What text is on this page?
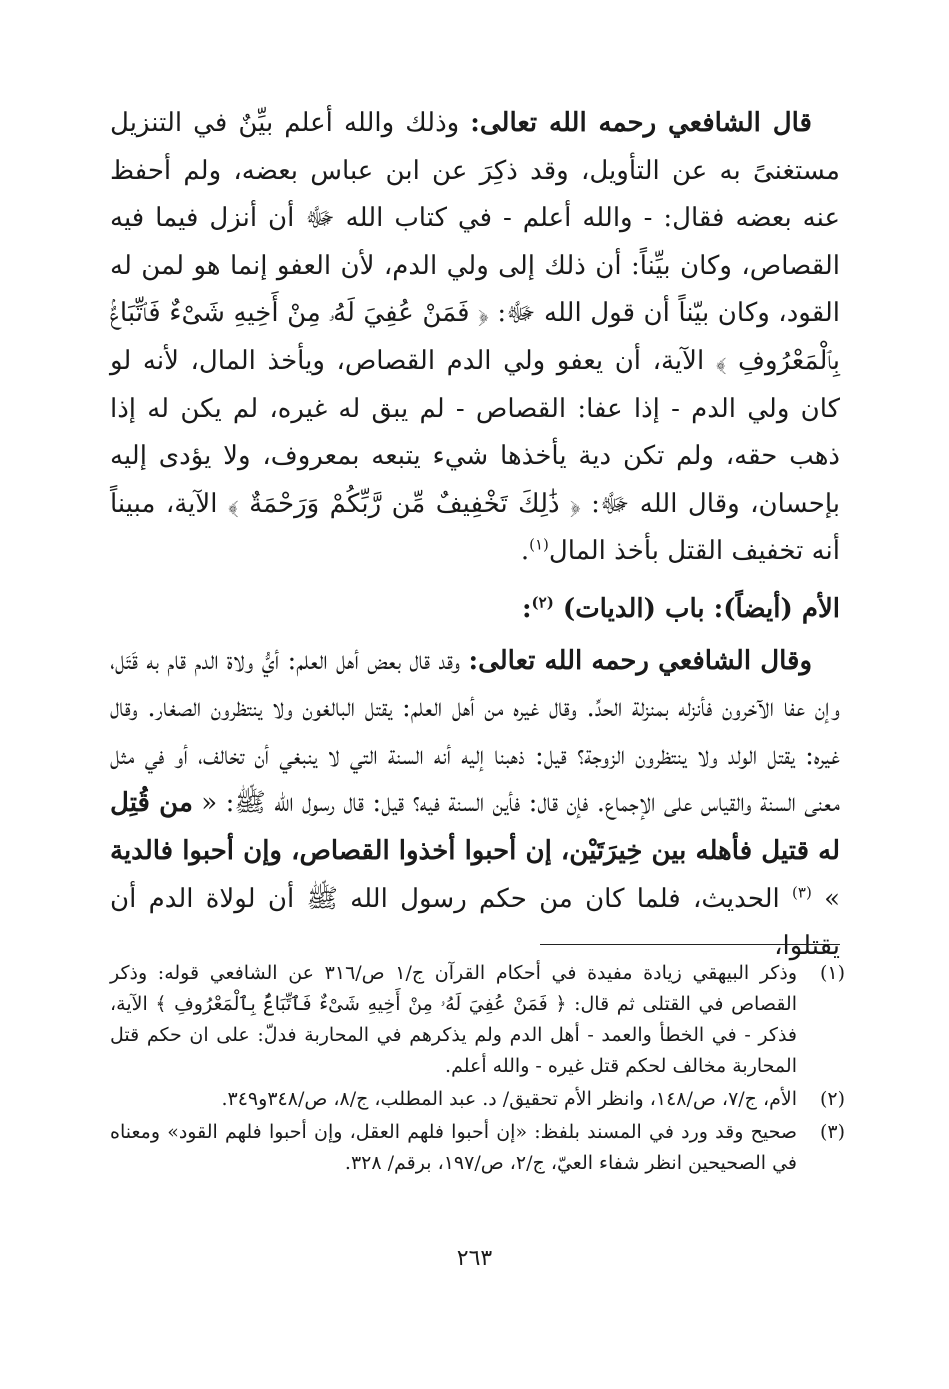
قال الشافعي رحمه الله تعالى: وذلك والله أعلم بيِّنٌ في التنزيل مستغنىً به عن التأويل، وقد ذكِرَ عن ابن عباس بعضه، ولم أحفظ عنه بعضه فقال: - والله أعلم - في كتاب الله ﷻ أن أنزل فيما فيه القصاص، وكان بيِّناً: أن ذلك إلى ولي الدم، لأن العفو إنما هو لمن له القود، وكان بيّناً أن قول الله ﷻ: ﴿ فَمَنْ عُفِيَ لَهُۥ مِنْ أَخِيهِ شَىْءٌ فَٱتِّبَاعٌۢ بِٱلْمَعْرُوفِ ﴾ الآية، أن يعفو ولي الدم القصاص، ويأخذ المال، لأنه لو كان ولي الدم - إذا عفا: القصاص - لم يبق له غيره، لم يكن له إذا ذهب حقه، ولم تكن دية يأخذها شيء يتبعه بمعروف، ولا يؤدى إليه بإحسان، وقال الله ﷻ: ﴿ ذَٰلِكَ تَخْفِيفٌ مِّن رَّبِّكُمْ وَرَحْمَةٌ ﴾ الآية، مبيناً أنه تخفيف القتل بأخذ المال$^{(١)}$.

الأم (أيضاً): باب (الديات) $^{(٢)}$:

وقال الشافعي رحمه الله تعالى: وقد قال بعض أهل العلم: أيُّ ولاة الدم قام به قَتَل، وإن عفا الآخرون فأنزله بمنزلة الحدِّ. وقال غيره من أهل العلم: يقتل البالغون ولا ينتظرون الصغار. وقال غيره: يقتل الولد ولا ينتظرون الزوجة؟ قيل: ذهبنا إليه أنه السنة التي لا ينبغي أن تخالف، أو في مثل معنى السنة والقياس على الإجماع. فإن قال: فأين السنة فيه؟ قيل: قال رسول الله ﷺ: « من قُتِل له قتيل فأهله بين خِيرَتَيْن، إن أحبوا أخذوا القصاص، وإن أحبوا فالدية » $^{(٣)}$ الحديث، فلما كان من حكم رسول الله ﷺ أن لولاة الدم أن يقتلوا،

(١)
وذكر البيهقي زيادة مفيدة في أحكام القرآن ج/١ ص/٣١٦ عن الشافعي قوله: وذكر القصاص في القتلى ثم قال: ﴿ فَمَنْ عُفِيَ لَهُۥ مِنْ أَخِيهِ شَىْءٌ فَٱتِّبَاعٌۢ بِٱلْمَعْرُوفِ ﴾ الآية، فذكر - في الخطأ والعمد - أهل الدم ولم يذكرهم في المحاربة فدلّ: على ان حكم قتل المحاربة مخالف لحكم قتل غيره - والله أعلم.
(٢)
الأم، ج/٧، ص/١٤٨، وانظر الأم تحقيق/ د. عبد المطلب، ج/٨، ص/٣٤٨و٣٤٩.
(٣)
صحيح وقد ورد في المسند بلفظ: «إن أحبوا فلهم العقل، وإن أحبوا فلهم القود» ومعناه في الصحيحين انظر شفاء العيّ، ج/٢، ص/١٩٧، برقم/ ٣٢٨.
٢٦٣
